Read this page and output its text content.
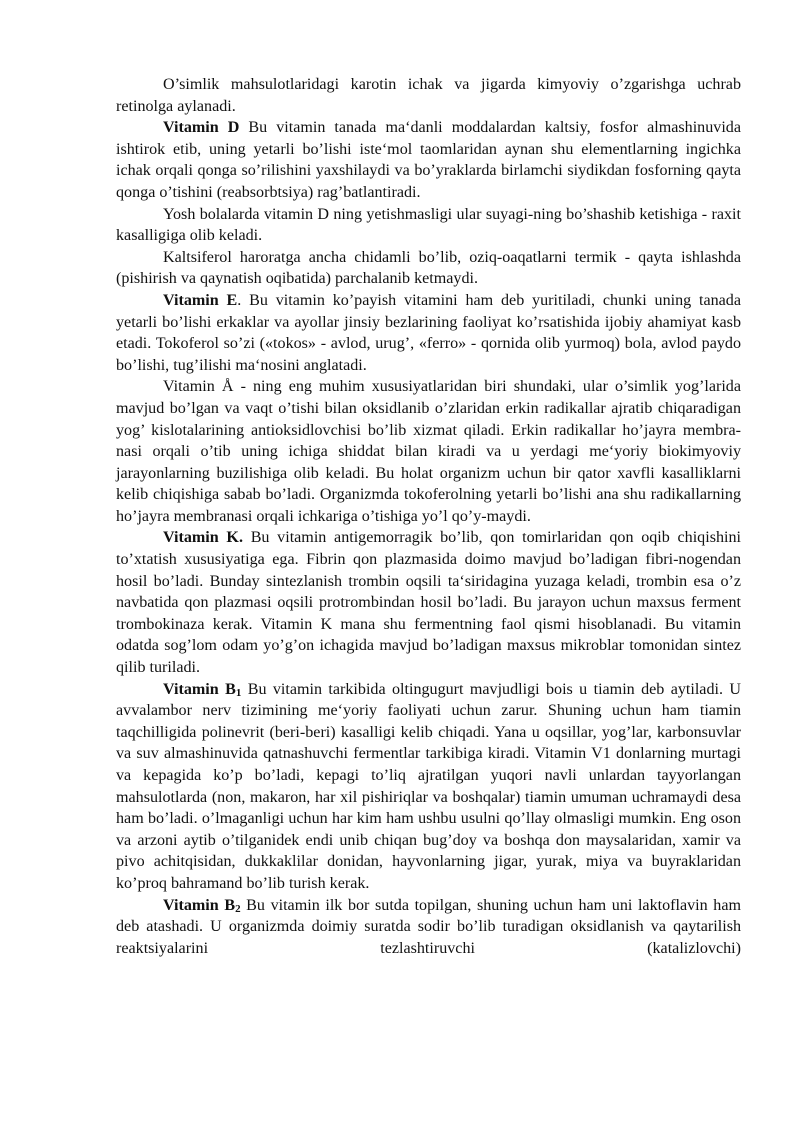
O’simlik mahsulotlaridagi karotin ichak va jigarda kimyoviy o’zgarishga uchrab retinolga aylanadi.

Vitamin D Bu vitamin tanada ma‘danli moddalardan kaltsiy, fosfor almashinuvida ishtirok etib, uning yetarli bo’lishi iste‘mol taomlaridan aynan shu elementlarning ingichka ichak orqali qonga so’rilishini yaxshilaydi va bo’yraklarda birlamchi siydikdan fosforning qayta qonga o’tishini (reabsorbtsiya) rag’batlantiradi.

Yosh bolalarda vitamin D ning yetishmasligi ular suyagi-ning bo’shashib ketishiga - raxit kasalligiga olib keladi.

Kaltsiferol haroratga ancha chidamli bo’lib, oziq-oaqatlarni termik - qayta ishlashda (pishirish va qaynatish oqibatida) parchalanib ketmaydi.

Vitamin E. Bu vitamin ko’payish vitamini ham deb yuritiladi, chunki uning tanada yetarli bo’lishi erkaklar va ayollar jinsiy bezlarining faoliyat ko’rsatishida ijobiy ahamiyat kasb etadi. Tokoferol so’zi («tokos» - avlod, urug’, «ferro» - qornida olib yurmoq) bola, avlod paydo bo’lishi, tug’ilishi ma‘nosini anglatadi.

Vitamin Å - ning eng muhim xususiyatlaridan biri shundaki, ular o’simlik yog’larida mavjud bo’lgan va vaqt o’tishi bilan oksidlanib o’zlaridan erkin radikallar ajratib chiqaradigan yog’ kislotalarining antioksidlovchisi bo’lib xizmat qiladi. Erkin radikallar ho’jayra membra-nasi orqali o’tib uning ichiga shiddat bilan kiradi va u yerdagi me‘yoriy biokimyoviy jarayonlarning buzilishiga olib keladi. Bu holat organizm uchun bir qator xavfli kasalliklarni kelib chiqishiga sabab bo’ladi. Organizmda tokoferolning yetarli bo’lishi ana shu radikallarning ho’jayra membranasi orqali ichkariga o’tishiga yo’l qo’y-maydi.

Vitamin K. Bu vitamin antigemorragik bo’lib, qon tomirlaridan qon oqib chiqishini to’xtatish xususiyatiga ega. Fibrin qon plazmasida doimo mavjud bo’ladigan fibri-nogendan hosil bo’ladi. Bunday sintezlanish trombin oqsili ta‘siridagina yuzaga keladi, trombin esa o’z navbatida qon plazmasi oqsili protrombindan hosil bo’ladi. Bu jarayon uchun maxsus ferment trombokinaza kerak. Vitamin K mana shu fermentning faol qismi hisoblanadi. Bu vitamin odatda sog’lom odam yo’g’on ichagida mavjud bo’ladigan maxsus mikroblar tomonidan sintez qilib turiladi.

Vitamin B1 Bu vitamin tarkibida oltingugurt mavjudligi bois u tiamin deb aytiladi. U avvalambor nerv tizimining me‘yoriy faoliyati uchun zarur. Shuning uchun ham tiamin taqchilligida polinevrit (beri-beri) kasalligi kelib chiqadi. Yana u oqsillar, yog’lar, karbonsuvlar va suv almashinuvida qatnashuvchi fermentlar tarkibiga kiradi. Vitamin V1 donlarning murtagi va kepagida ko’p bo’ladi, kepagi to’liq ajratilgan yuqori navli unlardan tayyorlangan mahsulotlarda (non, makaron, har xil pishiriqlar va boshqalar) tiamin umuman uchramaydi desa ham bo’ladi. o’lmaganligi uchun har kim ham ushbu usulni qo’llay olmasligi mumkin. Eng oson va arzoni aytib o’tilganidek endi unib chiqan bug’doy va boshqa don maysalaridan, xamir va pivo achitqisidan, dukkaklilar donidan, hayvonlarning jigar, yurak, miya va buyraklaridan ko’proq bahramand bo’lib turish kerak.

Vitamin B2 Bu vitamin ilk bor sutda topilgan, shuning uchun ham uni laktoflavin ham deb atashadi. U organizmda doimiy suratda sodir bo’lib turadigan oksidlanish va qaytarilish reaktsiyalarini tezlashtiruvchi (katalizlovchi)
